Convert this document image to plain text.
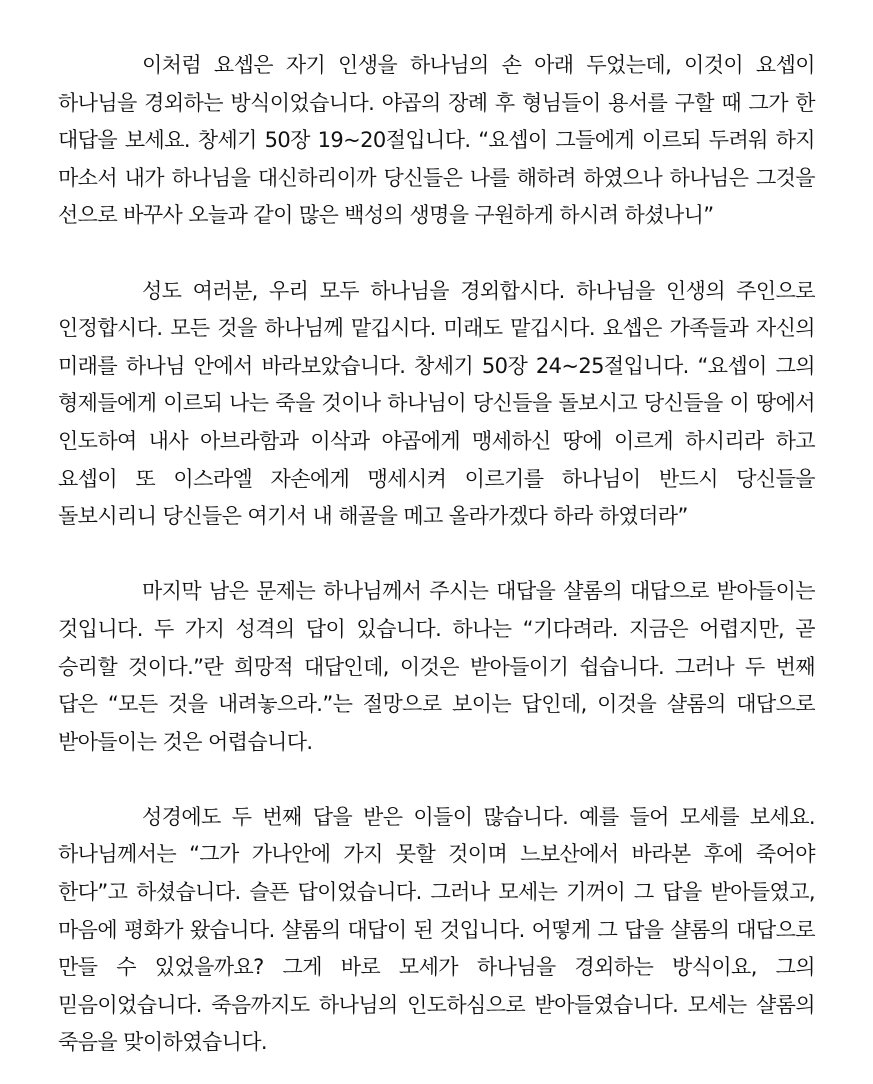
이처럼 요셉은 자기 인생을 하나님의 손 아래 두었는데, 이것이 요셉이 하나님을 경외하는 방식이었습니다. 야곱의 장례 후 형님들이 용서를 구할 때 그가 한 대답을 보세요. 창세기 50장 19~20절입니다. “요셉이 그들에게 이르되 두려워 하지 마소서 내가 하나님을 대신하리이까 당신들은 나를 해하려 하였으나 하나님은 그것을 선으로 바꾸사 오늘과 같이 많은 백성의 생명을 구원하게 하시려 하셨나니”

성도 여러분, 우리 모두 하나님을 경외합시다. 하나님을 인생의 주인으로 인정합시다. 모든 것을 하나님께 맡깁시다. 미래도 맡깁시다. 요셉은 가족들과 자신의 미래를 하나님 안에서 바라보았습니다. 창세기 50장 24~25절입니다. “요셉이 그의 형제들에게 이르되 나는 죽을 것이나 하나님이 당신들을 돌보시고 당신들을 이 땅에서 인도하여 내사 아브라함과 이삭과 야곱에게 맹세하신 땅에 이르게 하시리라 하고 요셉이 또 이스라엘 자손에게 맹세시켜 이르기를 하나님이 반드시 당신들을 돌보시리니 당신들은 여기서 내 해골을 메고 올라가겠다 하라 하였더라”

마지막 남은 문제는 하나님께서 주시는 대답을 샬롬의 대답으로 받아들이는 것입니다. 두 가지 성격의 답이 있습니다. 하나는 “기다려라. 지금은 어렵지만, 곧 승리할 것이다.”란 희망적 대답인데, 이것은 받아들이기 쉽습니다. 그러나 두 번째 답은 “모든 것을 내려놓으라.”는 절망으로 보이는 답인데, 이것을 샬롬의 대답으로 받아들이는 것은 어렵습니다.

성경에도 두 번째 답을 받은 이들이 많습니다. 예를 들어 모세를 보세요. 하나님께서는 “그가 가나안에 가지 못할 것이며 느보산에서 바라본 후에 죽어야 한다”고 하셨습니다. 슬픈 답이었습니다. 그러나 모세는 기꺼이 그 답을 받아들였고, 마음에 평화가 왔습니다. 샬롬의 대답이 된 것입니다. 어떻게 그 답을 샬롬의 대답으로 만들 수 있었을까요? 그게 바로 모세가 하나님을 경외하는 방식이요, 그의 믿음이었습니다. 죽음까지도 하나님의 인도하심으로 받아들였습니다. 모세는 샬롬의 죽음을 맞이하였습니다.
